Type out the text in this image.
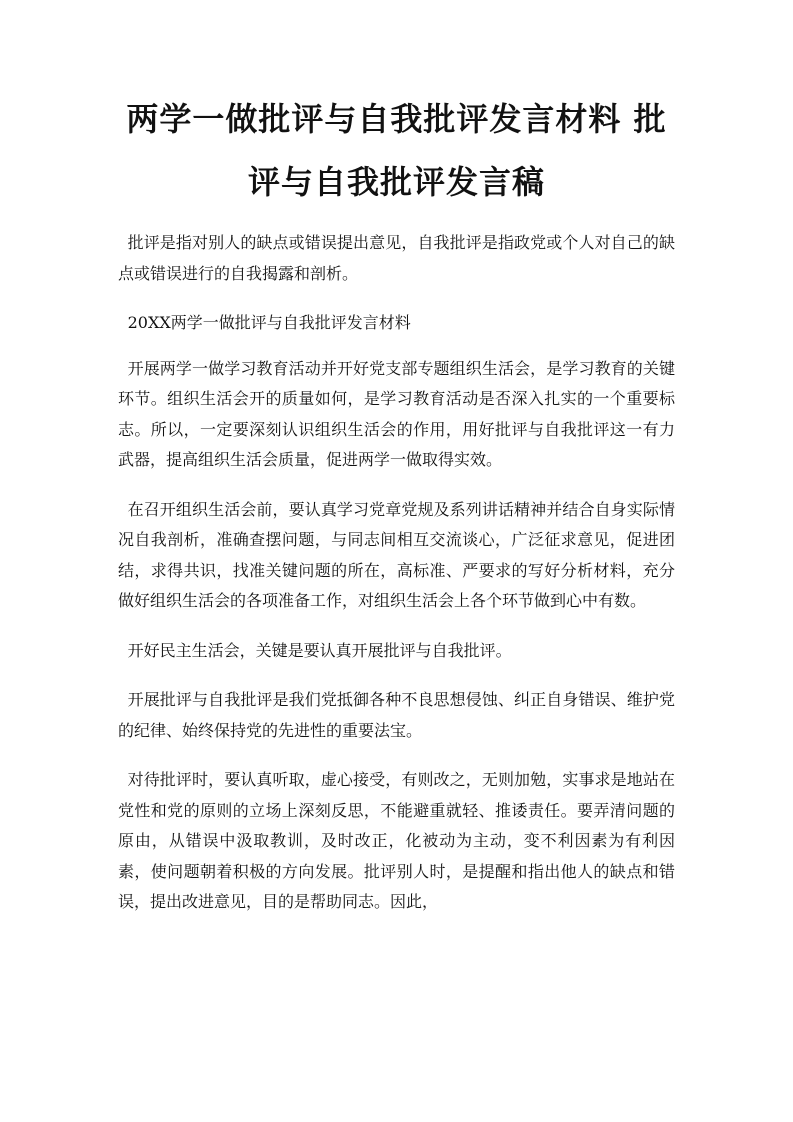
两学一做批评与自我批评发言材料 批评与自我批评发言稿

批评是指对别人的缺点或错误提出意见，自我批评是指政党或个人对自己的缺点或错误进行的自我揭露和剖析。

20XX两学一做批评与自我批评发言材料

开展两学一做学习教育活动并开好党支部专题组织生活会，是学习教育的关键环节。组织生活会开的质量如何，是学习教育活动是否深入扎实的一个重要标志。所以，一定要深刻认识组织生活会的作用，用好批评与自我批评这一有力武器，提高组织生活会质量，促进两学一做取得实效。

在召开组织生活会前，要认真学习党章党规及系列讲话精神并结合自身实际情况自我剖析，准确查摆问题，与同志间相互交流谈心，广泛征求意见，促进团结，求得共识，找准关键问题的所在，高标准、严要求的写好分析材料，充分做好组织生活会的各项准备工作，对组织生活会上各个环节做到心中有数。

开好民主生活会，关键是要认真开展批评与自我批评。

开展批评与自我批评是我们党抵御各种不良思想侵蚀、纠正自身错误、维护党的纪律、始终保持党的先进性的重要法宝。

对待批评时，要认真听取，虚心接受，有则改之，无则加勉，实事求是地站在党性和党的原则的立场上深刻反思，不能避重就轻、推诿责任。要弄清问题的原由，从错误中汲取教训，及时改正，化被动为主动，变不利因素为有利因素，使问题朝着积极的方向发展。批评别人时，是提醒和指出他人的缺点和错误，提出改进意见，目的是帮助同志。因此，
